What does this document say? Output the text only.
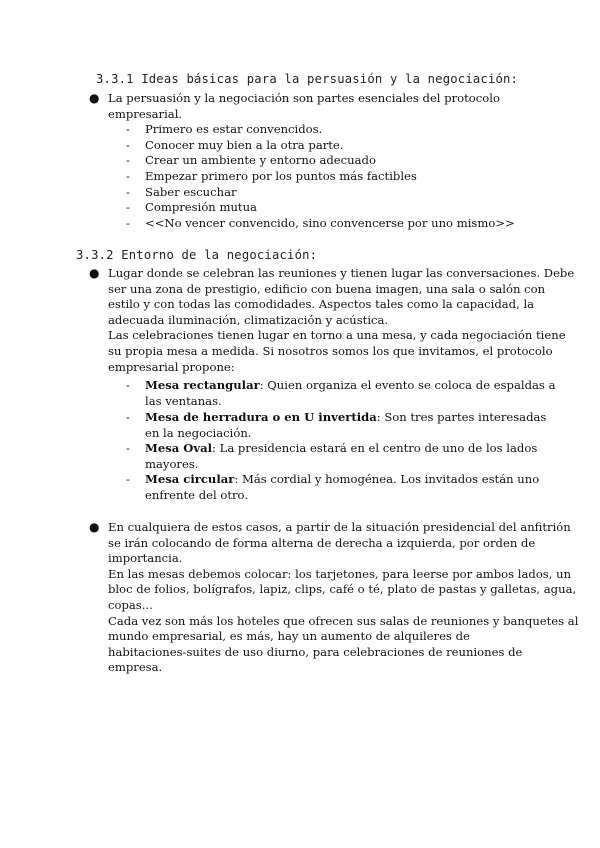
3.3.1 Ideas básicas para la persuasión y la negociación:
● La persuasión y la negociación son partes esenciales del protocolo
empresarial.
- Primero es estar convencidos.
- Conocer muy bien a la otra parte.
- Crear un ambiente y entorno adecuado
- Empezar primero por los puntos más factibles
- Saber escuchar
- Compresión mutua
- <<No vencer convencido, sino convencerse por uno mismo>>
3.3.2 Entorno de la negociación:
● Lugar donde se celebran las reuniones y tienen lugar las conversaciones. Debe
ser una zona de prestigio, edificio con buena imagen, una sala o salón con
estilo y con todas las comodidades. Aspectos tales como la capacidad, la
adecuada iluminación, climatización y acústica.
Las celebraciones tienen lugar en torno a una mesa, y cada negociación tiene
su propia mesa a medida. Si nosotros somos los que invitamos, el protocolo
empresarial propone:
- Mesa rectangular: Quien organiza el evento se coloca de espaldas a
las ventanas.
- Mesa de herradura o en U invertida: Son tres partes interesadas
en la negociación.
- Mesa Oval: La presidencia estará en el centro de uno de los lados
mayores.
- Mesa circular: Más cordial y homogénea. Los invitados están uno
enfrente del otro.
● En cualquiera de estos casos, a partir de la situación presidencial del anfitrión
se irán colocando de forma alterna de derecha a izquierda, por orden de
importancia.
En las mesas debemos colocar: los tarjetones, para leerse por ambos lados, un
bloc de folios, bolígrafos, lapiz, clips, café o té, plato de pastas y galletas, agua,
copas...
Cada vez son más los hoteles que ofrecen sus salas de reuniones y banquetes al
mundo empresarial, es más, hay un aumento de alquileres de
habitaciones-suites de uso diurno, para celebraciones de reuniones de
empresa.
